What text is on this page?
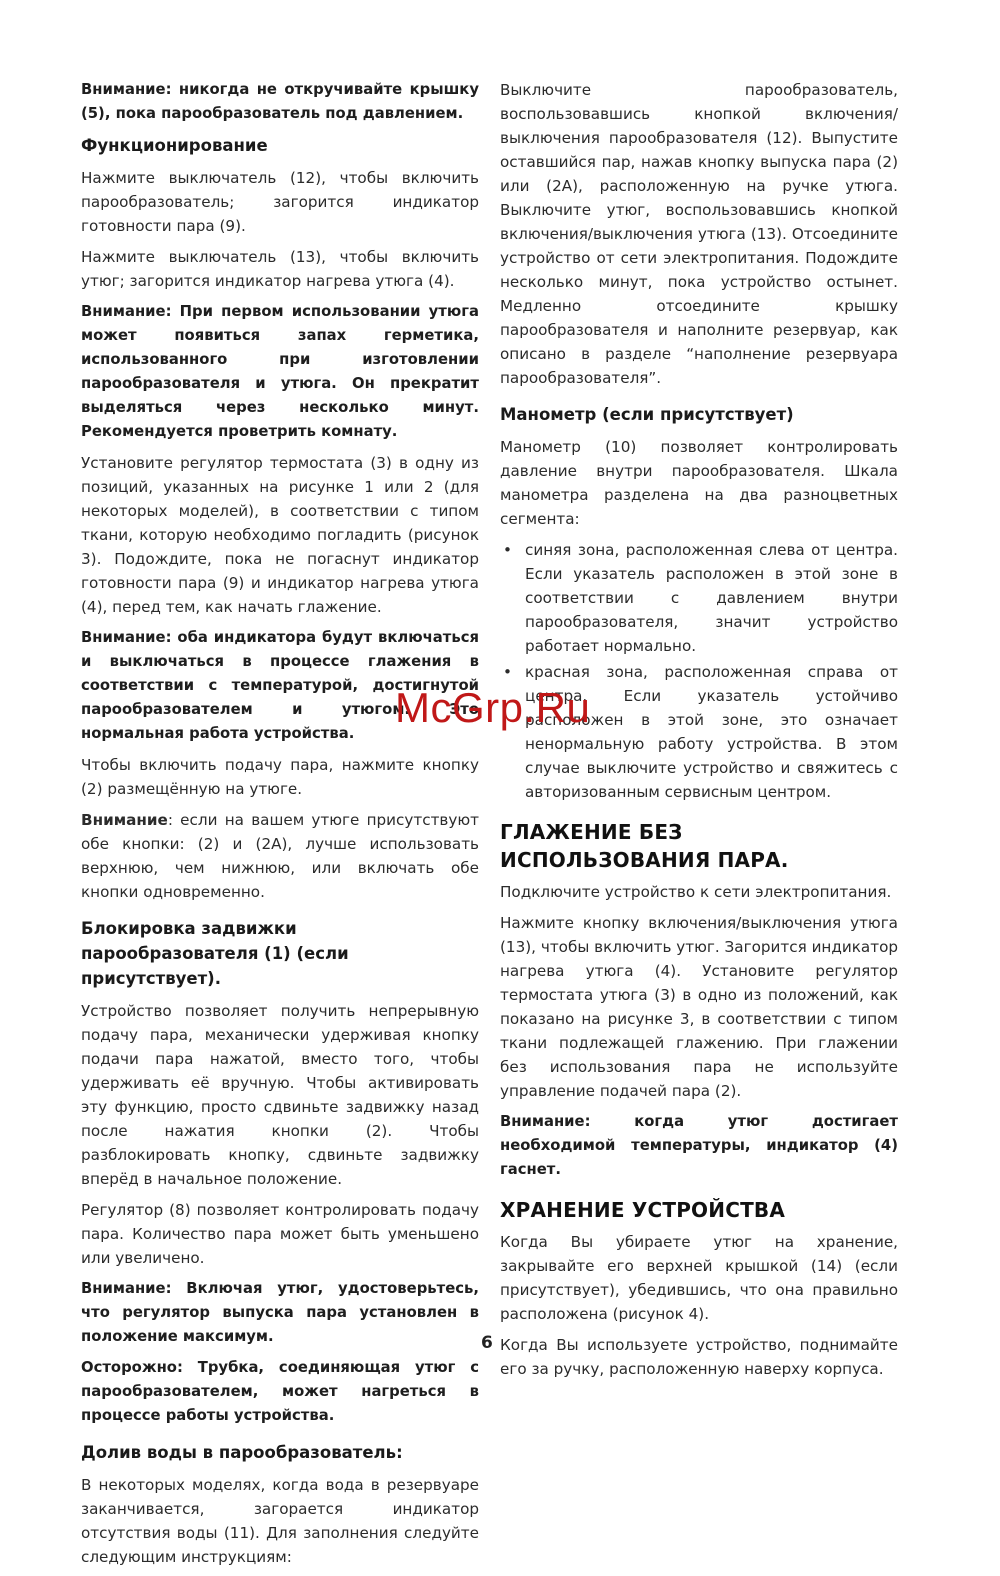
Внимание: никогда не откручивайте крышку (5), пока парообразователь под давлением.

Функционирование

Нажмите выключатель (12), чтобы включить парообразователь; загорится индикатор готовности пара (9).

Нажмите выключатель (13), чтобы включить утюг; загорится индикатор нагрева утюга (4).

Внимание: При первом использовании утюга может появиться запах герметика, использованного при изготовлении парообразователя и утюга. Он прекратит выделяться через несколько минут. Рекомендуется проветрить комнату.

Установите регулятор термостата (3) в одну из позиций, указанных на рисунке 1 или 2 (для некоторых моделей), в соответствии с типом ткани, которую необходимо погладить (рисунок 3). Подождите, пока не погаснут индикатор готовности пара (9) и индикатор нагрева утюга (4), перед тем, как начать глажение.

Внимание: оба индикатора будут включаться и выключаться в процессе глажения в соответствии с температурой, достигнутой парообразователем и утюгом. Это нормальная работа устройства.

Чтобы включить подачу пара, нажмите кнопку (2) размещённую на утюге.

Внимание: если на вашем утюге присутствуют обе кнопки: (2) и (2A), лучше использовать верхнюю, чем нижнюю, или включать обе кнопки одновременно.

Блокировка задвижки парообразователя (1) (если присутствует).

Устройство позволяет получить непрерывную подачу пара, механически удерживая кнопку подачи пара нажатой, вместо того, чтобы удерживать её вручную. Чтобы активировать эту функцию, просто сдвиньте задвижку назад после нажатия кнопки (2). Чтобы разблокировать кнопку, сдвиньте задвижку вперёд в начальное положение.

Регулятор (8) позволяет контролировать подачу пара. Количество пара может быть уменьшено или увеличено.

Внимание: Включая утюг, удостоверьтесь, что регулятор выпуска пара установлен в положение максимум.

Осторожно: Трубка, соединяющая утюг с парообразователем, может нагреться в процессе работы устройства.

Долив воды в парообразователь:

В некоторых моделях, когда вода в резервуаре заканчивается, загорается индикатор отсутствия воды (11). Для заполнения следуйте следующим инструкциям:

Выключите парообразователь, воспользовавшись кнопкой включения/выключения парообразователя (12). Выпустите оставшийся пар, нажав кнопку выпуска пара (2) или (2A), расположенную на ручке утюга. Выключите утюг, воспользовавшись кнопкой включения/выключения утюга (13). Отсоедините устройство от сети электропитания. Подождите несколько минут, пока устройство остынет. Медленно отсоедините крышку парообразователя и наполните резервуар, как описано в разделе “наполнение резервуара парообразователя”.

Манометр (если присутствует)

Манометр (10) позволяет контролировать давление внутри парообразователя. Шкала манометра разделена на два разноцветных сегмента:

• синяя зона, расположенная слева от центра. Если указатель расположен в этой зоне в соответствии с давлением внутри парообразователя, значит устройство работает нормально.
• красная зона, расположенная справа от центра. Если указатель устойчиво расположен в этой зоне, это означает ненормальную работу устройства. В этом случае выключите устройство и свяжитесь с авторизованным сервисным центром.
ГЛАЖЕНИЕ БЕЗ ИСПОЛЬЗОВАНИЯ ПАРА.

Подключите устройство к сети электропитания.

Нажмите кнопку включения/выключения утюга (13), чтобы включить утюг. Загорится индикатор нагрева утюга (4). Установите регулятор термостата утюга (3) в одно из положений, как показано на рисунке 3, в соответствии с типом ткани подлежащей глажению. При глажении без использования пара не используйте управление подачей пара (2).

Внимание: когда утюг достигает необходимой температуры, индикатор (4) гаснет.

ХРАНЕНИЕ УСТРОЙСТВА

Когда Вы убираете утюг на хранение, закрывайте его верхней крышкой (14) (если присутствует), убедившись, что она правильно расположена (рисунок 4).

Когда Вы используете устройство, поднимайте его за ручку, расположенную наверху корпуса.

McGrp.Ru
6
